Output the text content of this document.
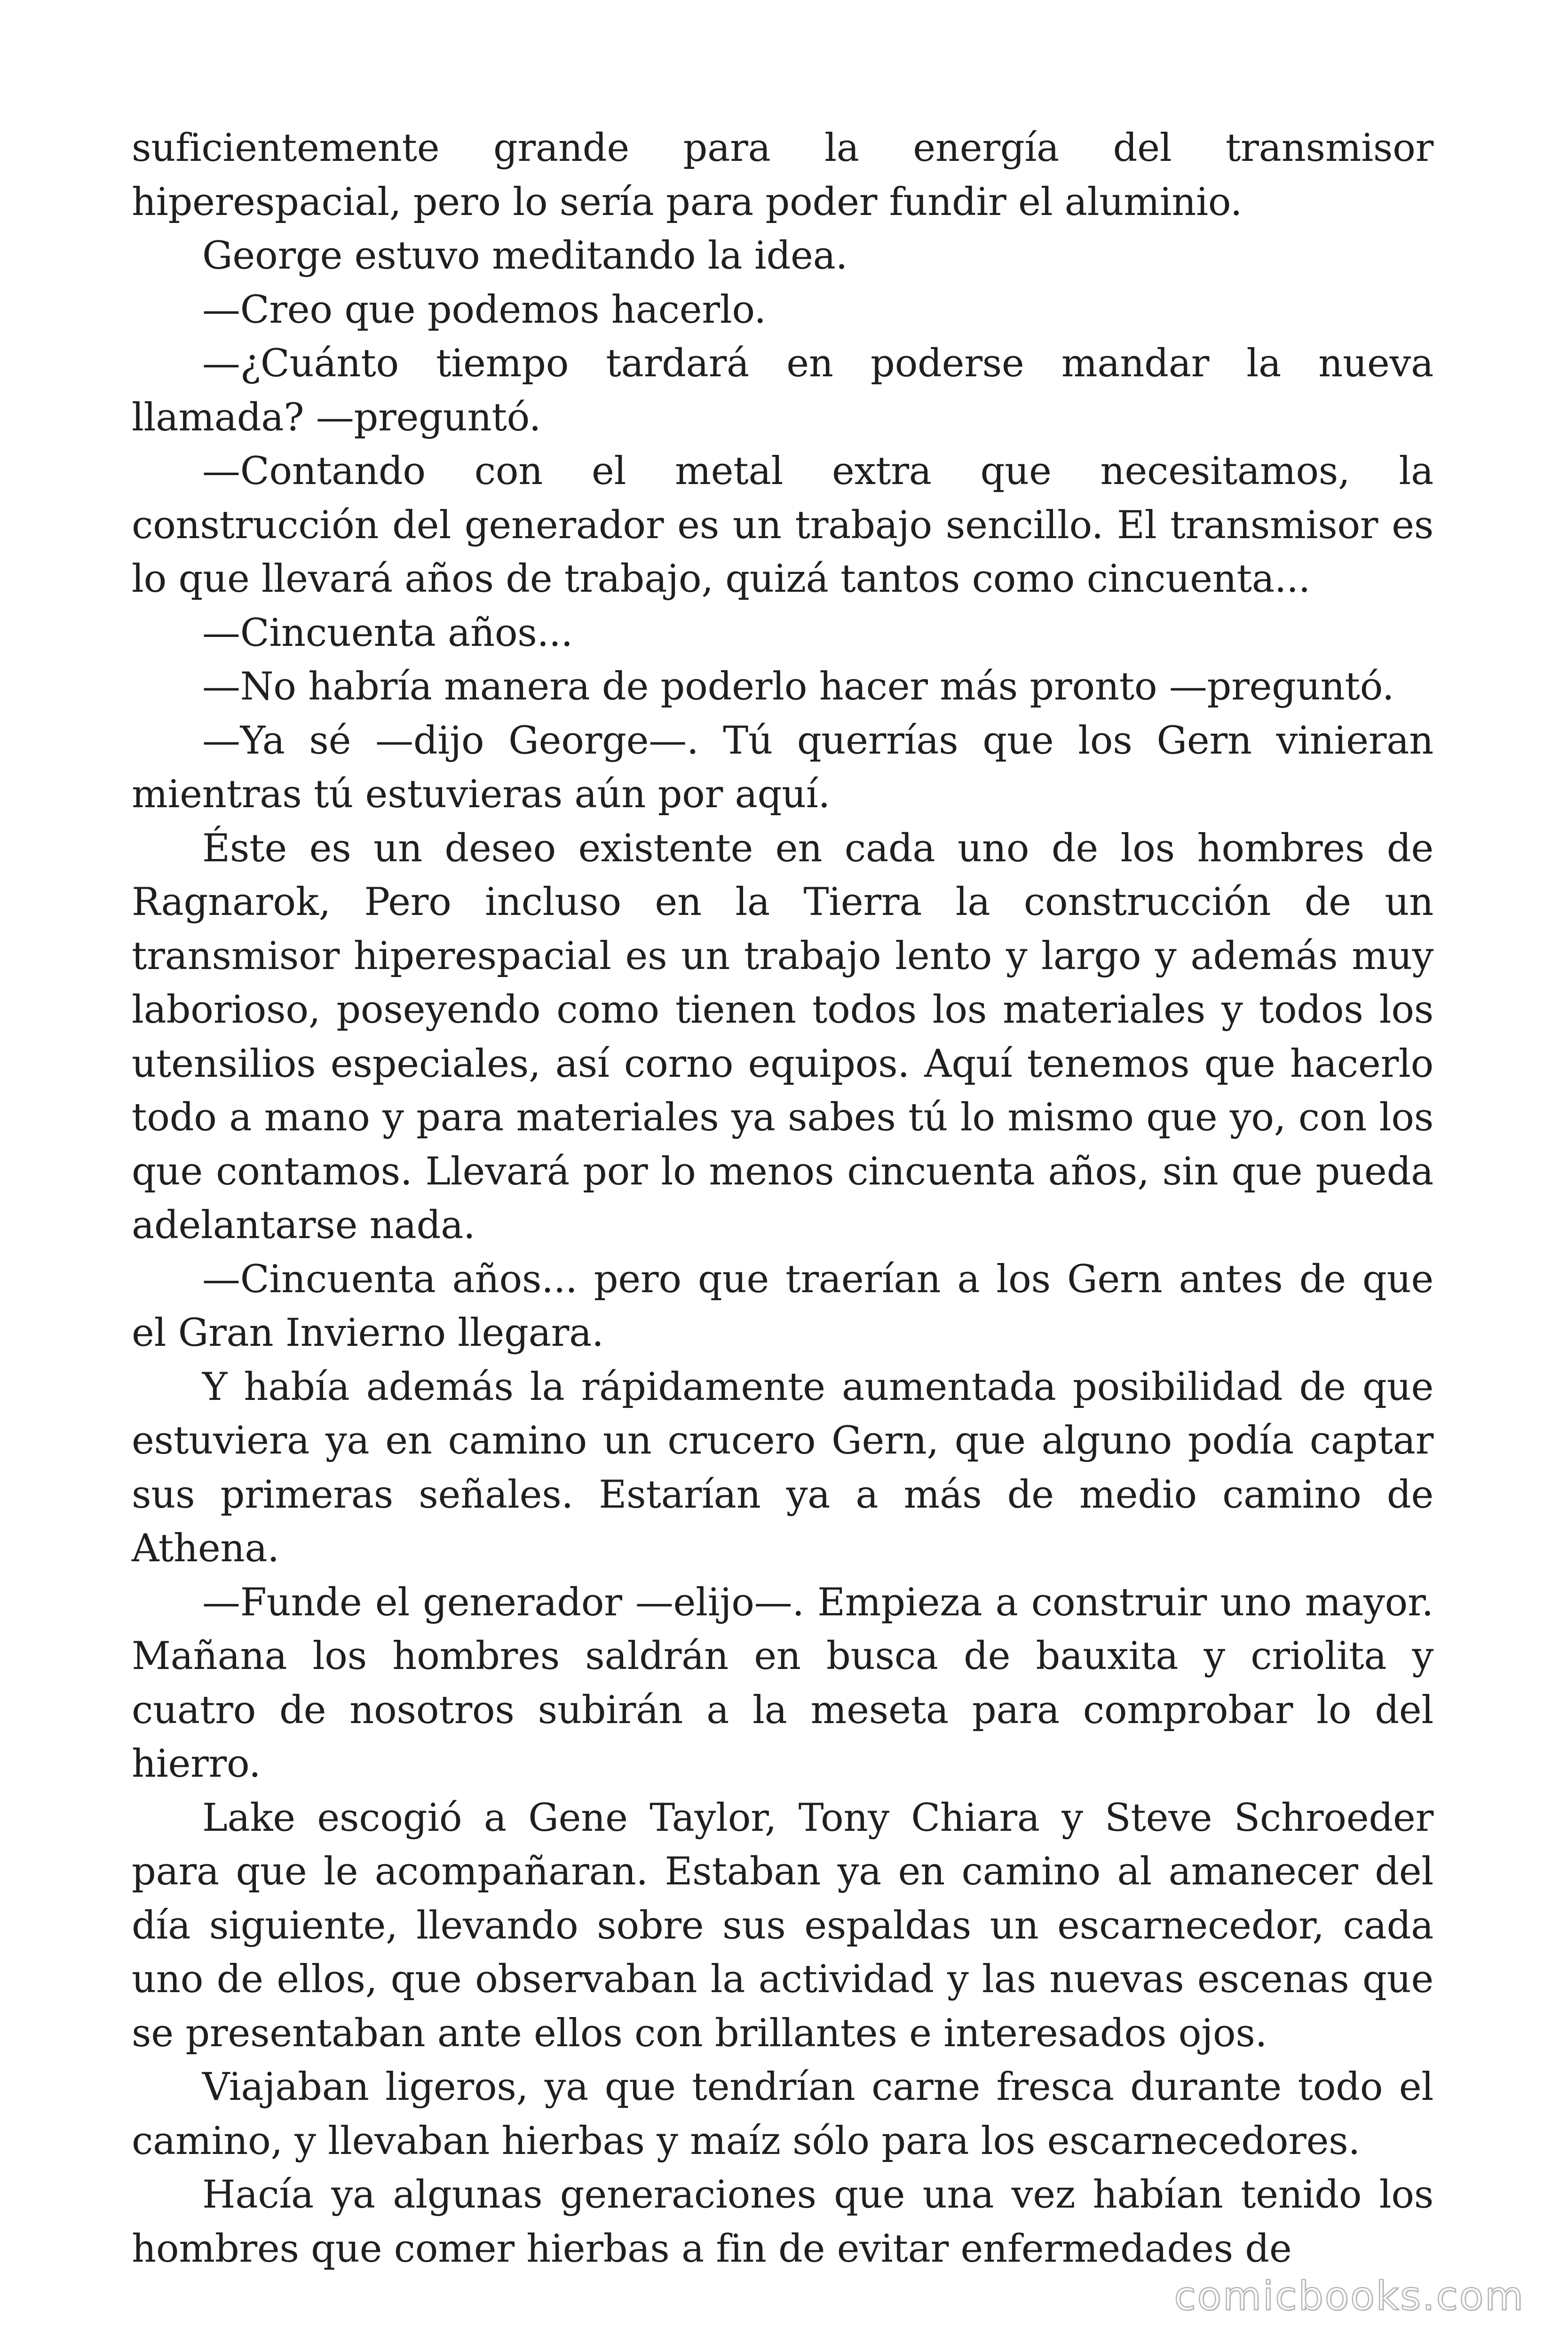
suficientemente grande para la energía del transmisor hiperespacial, pero lo sería para poder fundir el aluminio.

George estuvo meditando la idea.

—Creo que podemos hacerlo.

—¿Cuánto tiempo tardará en poderse mandar la nueva llamada? —preguntó.

—Contando con el metal extra que necesitamos, la construcción del generador es un trabajo sencillo. El transmisor es lo que llevará años de trabajo, quizá tantos como cincuenta...

—Cincuenta años...

—No habría manera de poderlo hacer más pronto —preguntó.

—Ya sé —dijo George—. Tú querrías que los Gern vinieran mientras tú estuvieras aún por aquí.

Éste es un deseo existente en cada uno de los hombres de Ragnarok, Pero incluso en la Tierra la construcción de un transmisor hiperespacial es un trabajo lento y largo y además muy laborioso, poseyendo como tienen todos los materiales y todos los utensilios especiales, así corno equipos. Aquí tenemos que hacerlo todo a mano y para materiales ya sabes tú lo mismo que yo, con los que contamos. Llevará por lo menos cincuenta años, sin que pueda adelantarse nada.

—Cincuenta años... pero que traerían a los Gern antes de que el Gran Invierno llegara.

Y había además la rápidamente aumentada posibilidad de que estuviera ya en camino un crucero Gern, que alguno podía captar sus primeras señales. Estarían ya a más de medio camino de Athena.

—Funde el generador —elijo—. Empieza a construir uno mayor. Mañana los hombres saldrán en busca de bauxita y criolita y cuatro de nosotros subirán a la meseta para comprobar lo del hierro.

Lake escogió a Gene Taylor, Tony Chiara y Steve Schroeder para que le acompañaran. Estaban ya en camino al amanecer del día siguiente, llevando sobre sus espaldas un escarnecedor, cada uno de ellos, que observaban la actividad y las nuevas escenas que se presentaban ante ellos con brillantes e interesados ojos.

Viajaban ligeros, ya que tendrían carne fresca durante todo el camino, y llevaban hierbas y maíz sólo para los escarnecedores.

Hacía ya algunas generaciones que una vez habían tenido los hombres que comer hierbas a fin de evitar enfermedades de

comicbooks.com
